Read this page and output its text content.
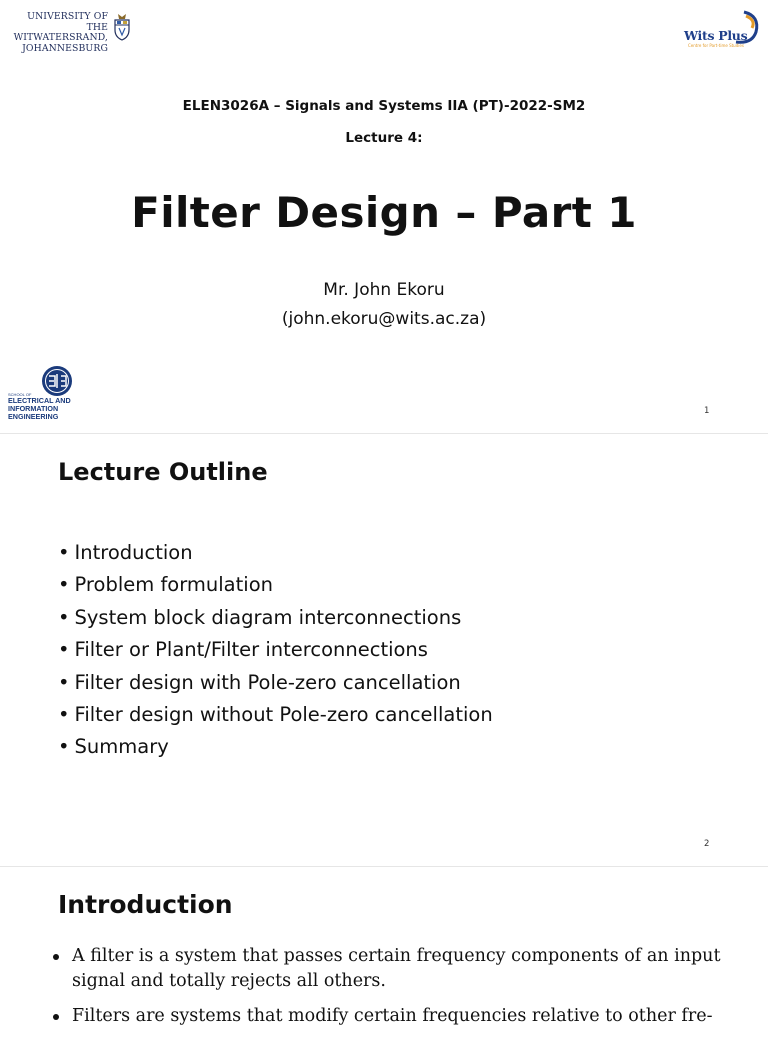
UNIVERSITY OF THE
WITWATERSRAND,
JOHANNESBURG
Wits Plus
Centre for Part-time Studies
ELEN3026A – Signals and Systems IIA (PT)-2022-SM2
Lecture 4:
Filter Design – Part 1
Mr. John Ekoru
(john.ekoru@wits.ac.za)
SCHOOL OF
ELECTRICAL AND
INFORMATION
ENGINEERING
1
Lecture Outline
• Introduction
• Problem formulation
• System block diagram interconnections
• Filter or Plant/Filter interconnections
• Filter design with Pole-zero cancellation
• Filter design without Pole-zero cancellation
• Summary
2
Introduction
A filter is a system that passes certain frequency components of an input signal and totally rejects all others.
Filters are systems that modify certain frequencies relative to other fre-
